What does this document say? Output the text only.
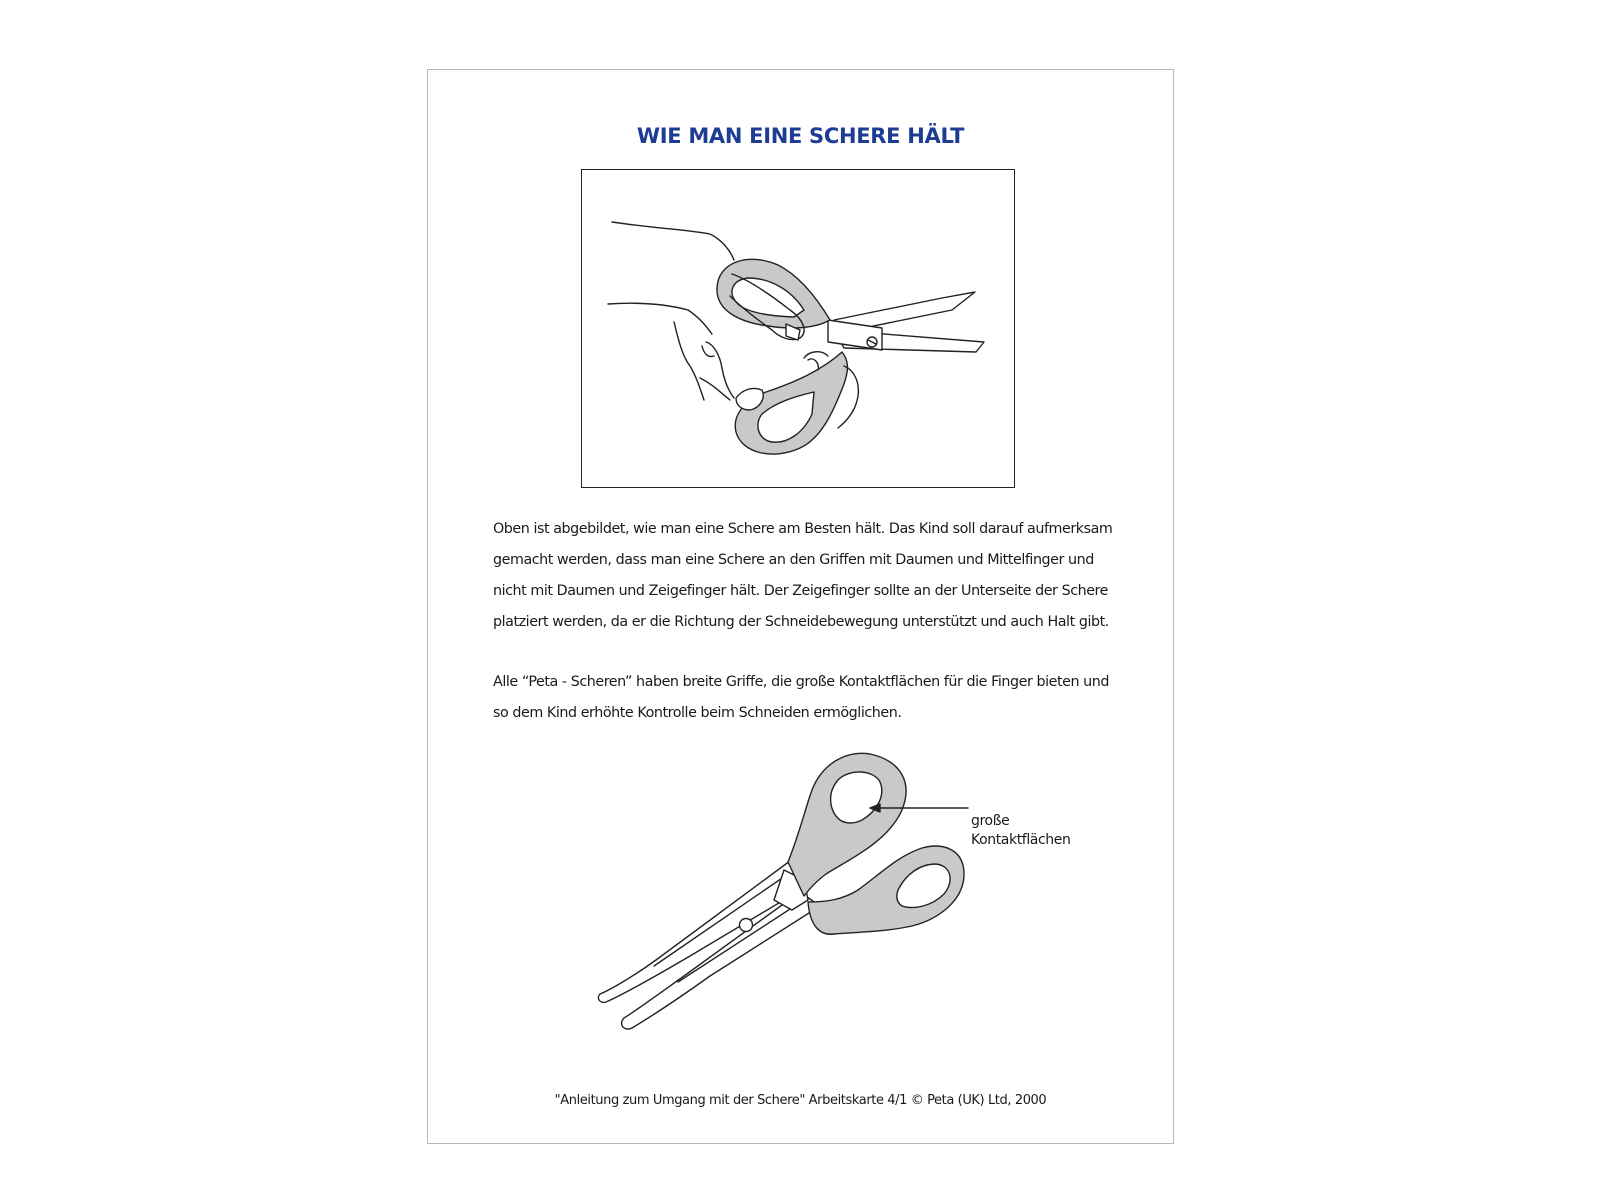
WIE MAN EINE SCHERE HÄLT

Oben ist abgebildet, wie man eine Schere am Besten hält. Das Kind soll darauf aufmerksam gemacht werden, dass man eine Schere an den Griffen mit Daumen und Mittelfinger und nicht mit Daumen und Zeigefinger hält. Der Zeigefinger sollte an der Unterseite der Schere platziert werden, da er die Richtung der Schneidebewegung unterstützt und auch Halt gibt.

Alle “Peta - Scheren” haben breite Griffe, die große Kontaktflächen für die Finger bieten und so dem Kind erhöhte Kontrolle beim Schneiden ermöglichen.

große
Kontaktflächen
"Anleitung zum Umgang mit der Schere" Arbeitskarte 4/1 © Peta (UK) Ltd, 2000
